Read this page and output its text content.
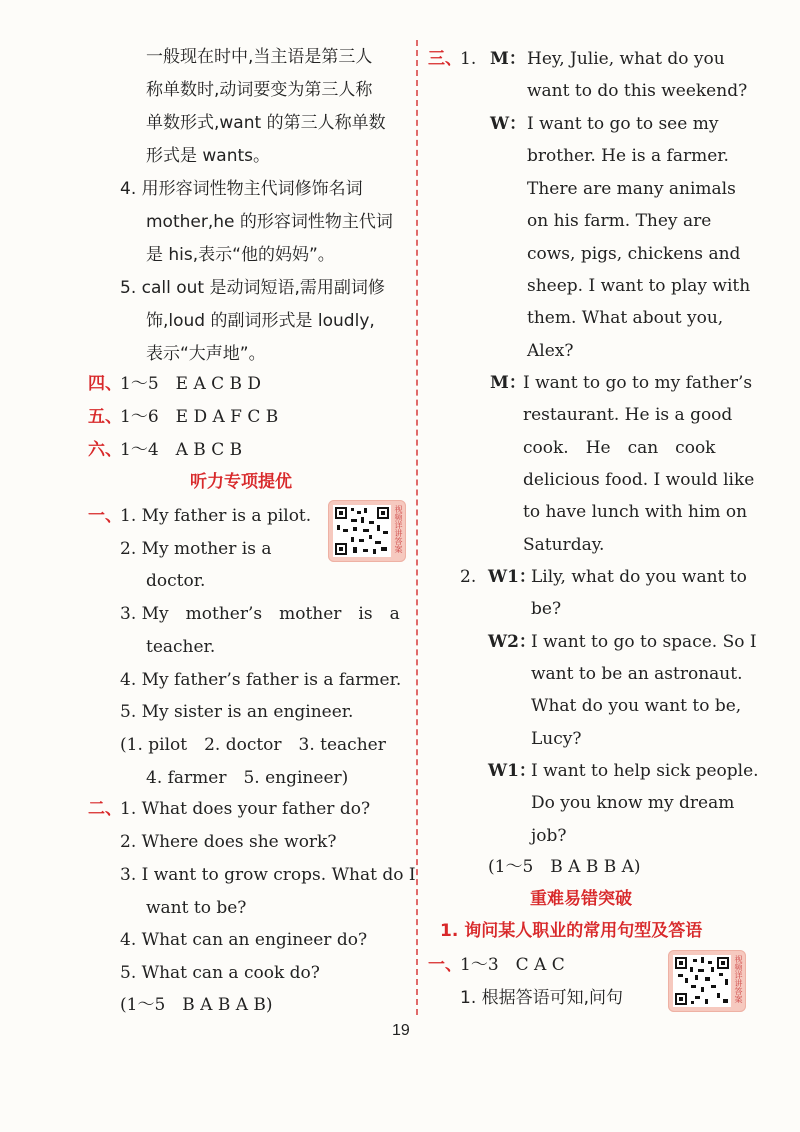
一般现在时中,当主语是第三人
称单数时,动词要变为第三人称
单数形式,want 的第三人称单数
形式是 wants。
4. 用形容词性物主代词修饰名词
mother,he 的形容词性物主代词
是 his,表示“他的妈妈”。
5. call out 是动词短语,需用副词修
饰,loud 的副词形式是 loudly,
表示“大声地”。
四、
1～5　E A C B D
五、
1～6　E D A F C B
六、
1～4　A B C B
听力专项提优
一、
1. My father is a pilot.
2. My mother is a
doctor.
3. My　mother’s　mother　is　a
teacher.
4. My father’s father is a farmer.
5. My sister is an engineer.
(1. pilot　2. doctor　3. teacher
4. farmer　5. engineer)
视频详讲答案
二、
1. What does your father do?
2. Where does she work?
3. I want to grow crops. What do I
want to be?
4. What can an engineer do?
5. What can a cook do?
(1～5　B A B A B)
三、
1. M： Hey, Julie, what do you
want to do this weekend?
W： I want to go to see my
brother. He is a farmer.
There are many animals
on his farm. They are
cows, pigs, chickens and
sheep. I want to play with
them. What about you,
Alex?
M：
I want to go to my father’s
restaurant. He is a good
cook.　He　can　cook
delicious food. I would like
to have lunch with him on
Saturday.
2. W1：
Lily, what do you want to
be?
W2：
I want to go to space. So I
want to be an astronaut.
What do you want to be,
Lucy?
W1：
I want to help sick people.
Do you know my dream
job?
(1～5　B A B B A)
重难易错突破
1. 询问某人职业的常用句型及答语
一、
1～3　C A C
1. 根据答语可知,问句	视频详讲答案
19
